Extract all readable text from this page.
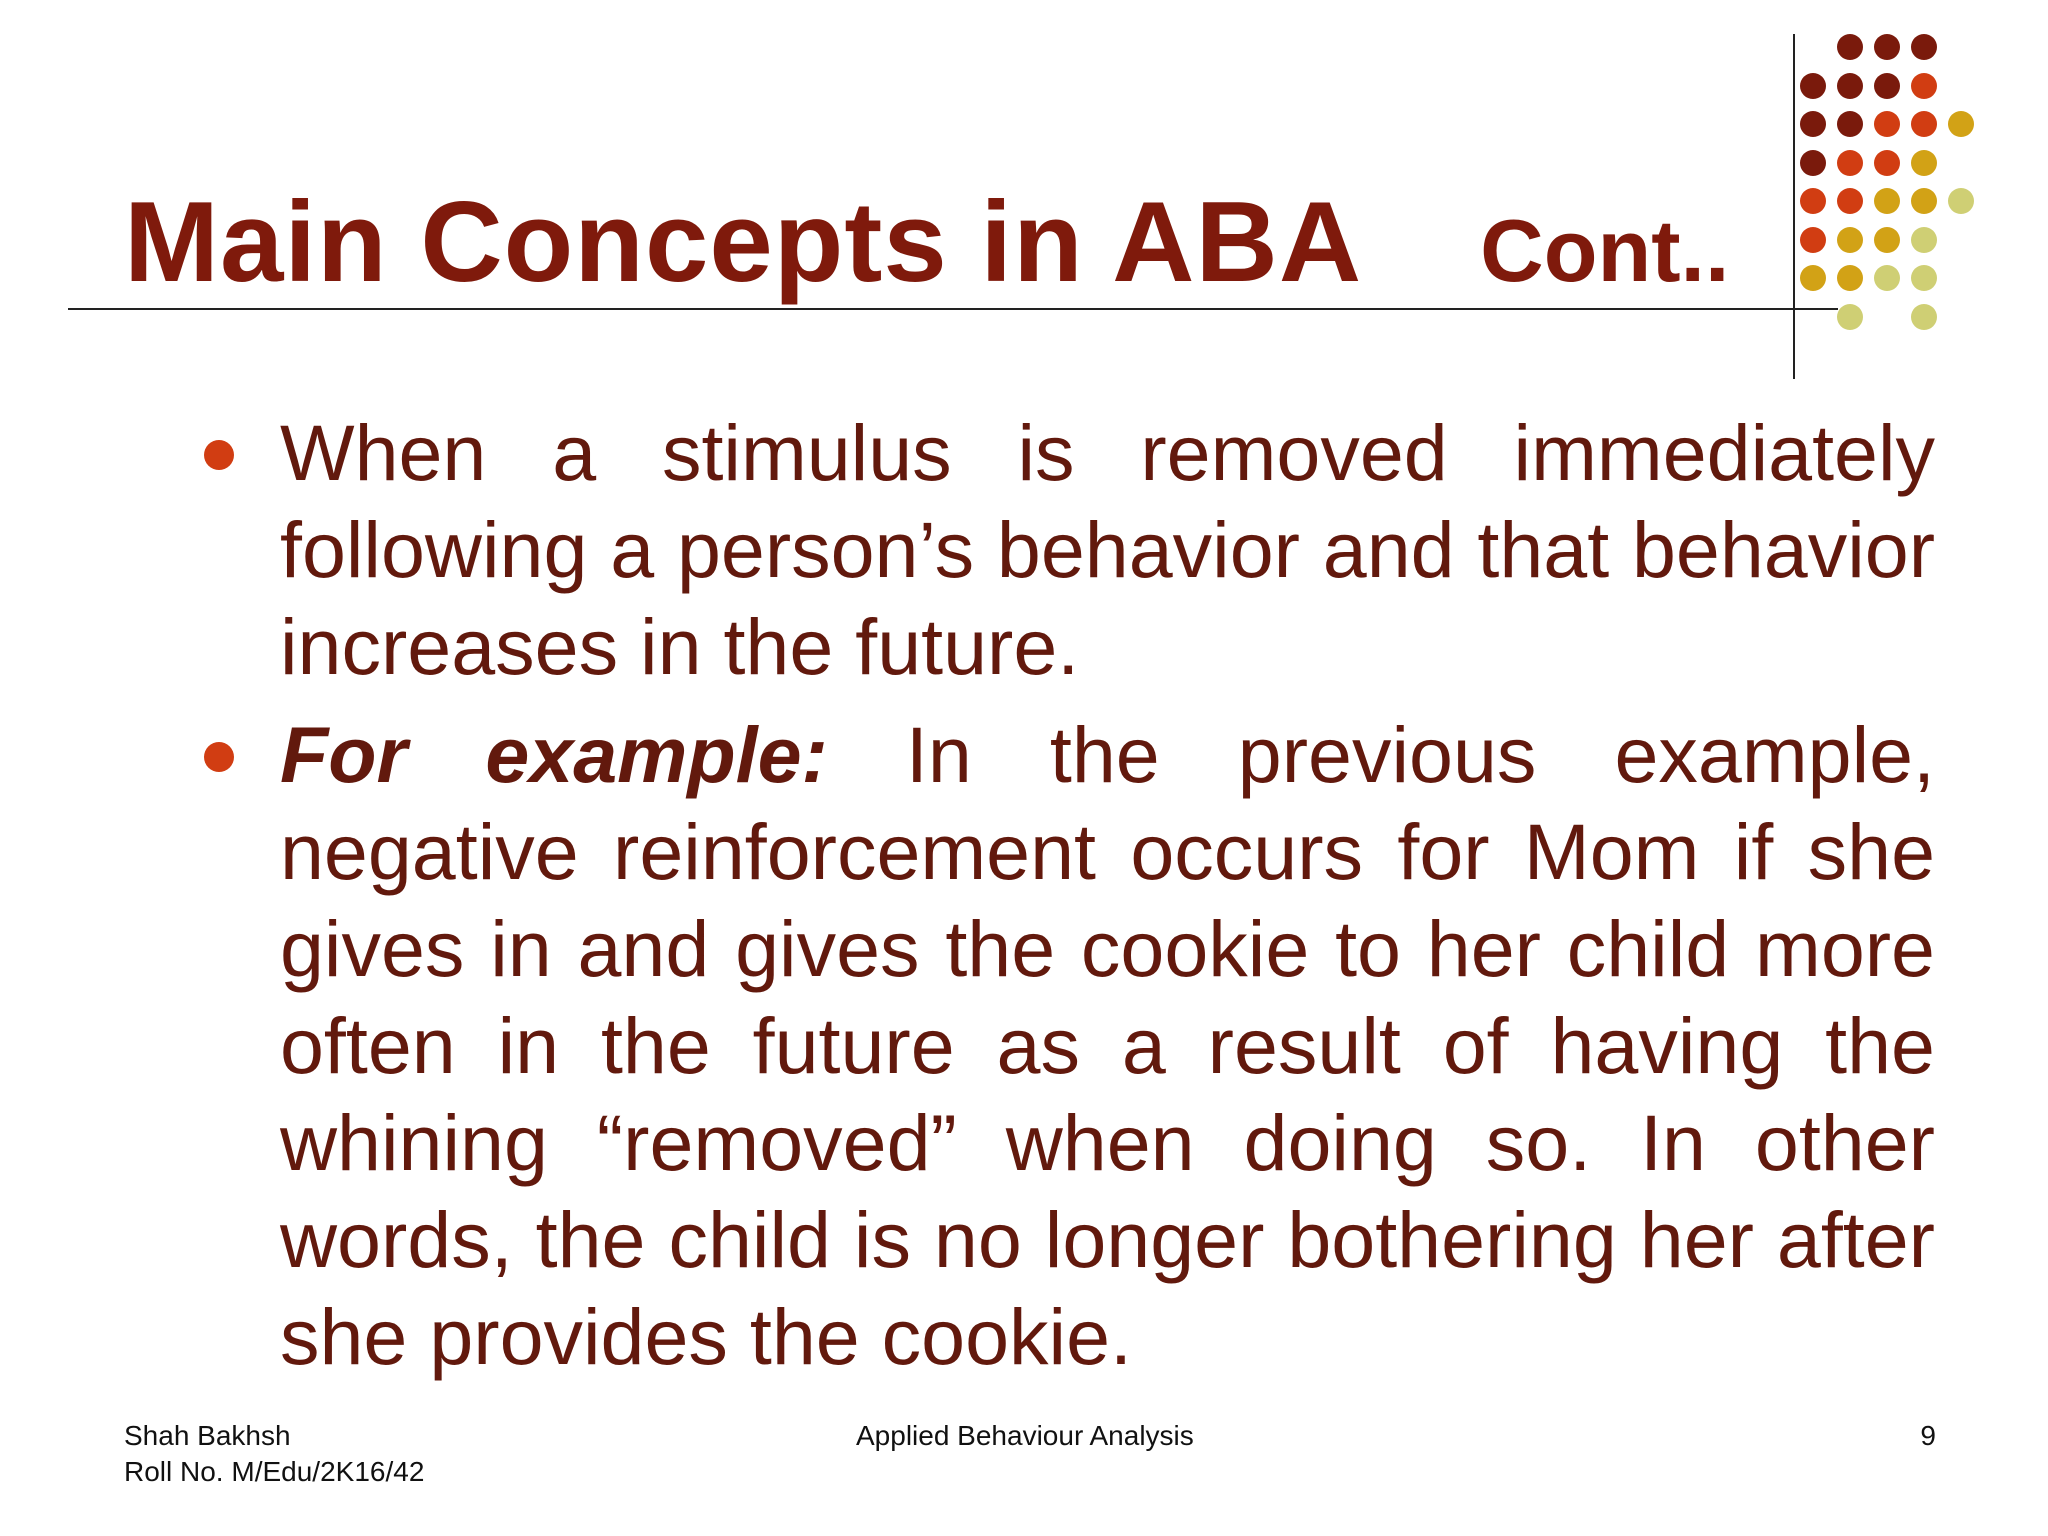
Main Concepts in ABA Cont..
When a stimulus is removed immediately following a person’s behavior and that behavior increases in the future.
For example: In the previous example, negative reinforcement occurs for Mom if she gives in and gives the cookie to her child more often in the future as a result of having the whining “removed” when doing so. In other words, the child is no longer bothering her after she provides the cookie.
Shah Bakhsh
Roll No. M/Edu/2K16/42
Applied Behaviour Analysis	9
